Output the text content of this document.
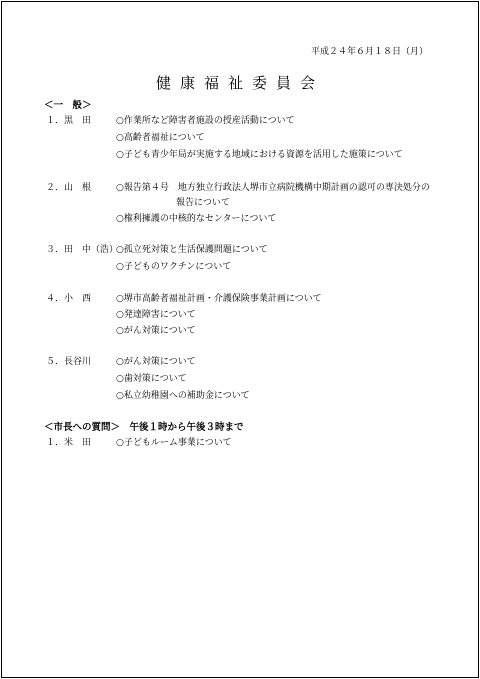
平成２４年６月１８日（月）
健康福祉委員会
＜一　般＞
１．黒　田	○作業所など障害者施設の授産活動について
○高齢者福祉について
○子ども青少年局が実施する地域における資源を活用した施策について
２．山　根	○報告第４号　地方独立行政法人堺市立病院機構中期計画の認可の専決処分の
報告について
○権利擁護の中核的なセンターについて
３．田　中（浩）
○孤立死対策と生活保護問題について
○子どものワクチンについて
４．小　西	○堺市高齢者福祉計画・介護保険事業計画について
○発達障害について
○がん対策について
５．長谷川	○がん対策について
○歯対策について
○私立幼稚園への補助金について
＜市長への質問＞　午後１時から午後３時まで
１．米　田	○子どもルーム事業について
